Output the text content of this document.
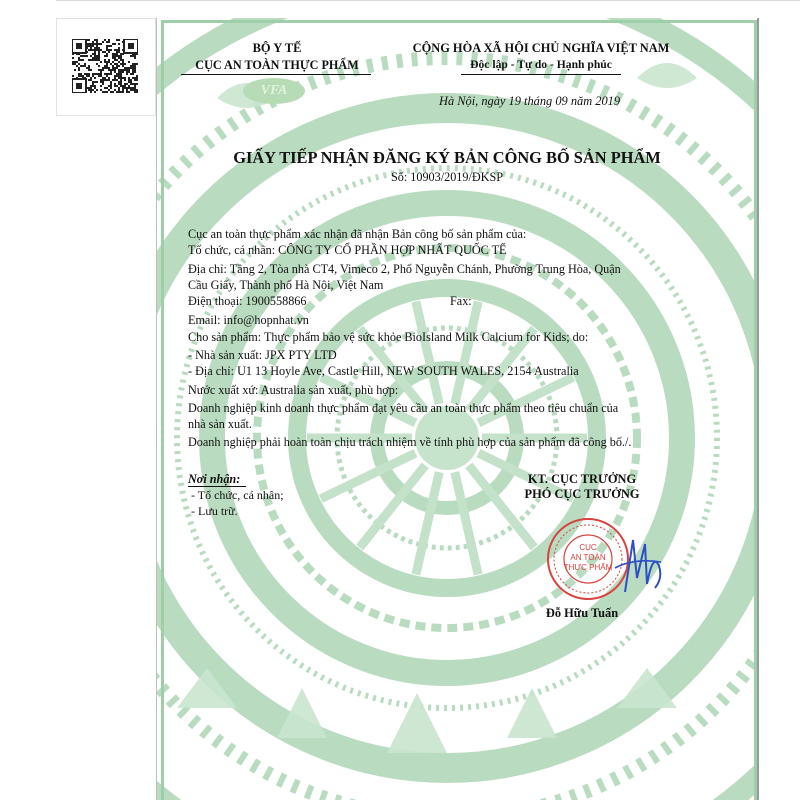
BỘ Y TẾ
CỤC AN TOÀN THỰC PHẨM
VFA
CỘNG HÒA XÃ HỘI CHỦ NGHĨA VIỆT NAM
Độc lập - Tự do - Hạnh phúc
Hà Nội, ngày 19 tháng 09 năm 2019
GIẤY TIẾP NHẬN ĐĂNG KÝ BẢN CÔNG BỐ SẢN PHẨM
Số: 10903/2019/ĐKSP
Cục an toàn thực phẩm xác nhận đã nhận Bản công bố sản phẩm của:
Tổ chức, cá nhân: CÔNG TY CỔ PHẦN HỢP NHẤT QUỐC TẾ
Địa chỉ: Tầng 2, Tòa nhà CT4, Vimeco 2, Phố Nguyễn Chánh, Phường Trung Hòa, Quận
Cầu Giấy, Thành phố Hà Nội, Việt Nam
Điện thoại: 1900558866	Fax:
Email: info@hopnhat.vn
Cho sản phẩm: Thực phẩm bảo vệ sức khỏe BioIsland Milk Calcium for Kids; do:
- Nhà sản xuất: JPX PTY LTD
- Địa chỉ: U1 13 Hoyle Ave, Castle Hill, NEW SOUTH WALES, 2154 Australia
Nước xuất xứ: Australia sản xuất, phù hợp:
Doanh nghiệp kinh doanh thực phẩm đạt yêu cầu an toàn thực phẩm theo tiêu chuẩn của
nhà sản xuất.
Doanh nghiệp phải hoàn toàn chịu trách nhiệm về tính phù hợp của sản phẩm đã công bố./.
Nơi nhận:
- Tổ chức, cá nhân;
- Lưu trữ.
KT. CỤC TRƯỞNG
PHÓ CỤC TRƯỞNG
CỤC
AN TOÀN
THỰC PHẨM
Đỗ Hữu Tuấn
